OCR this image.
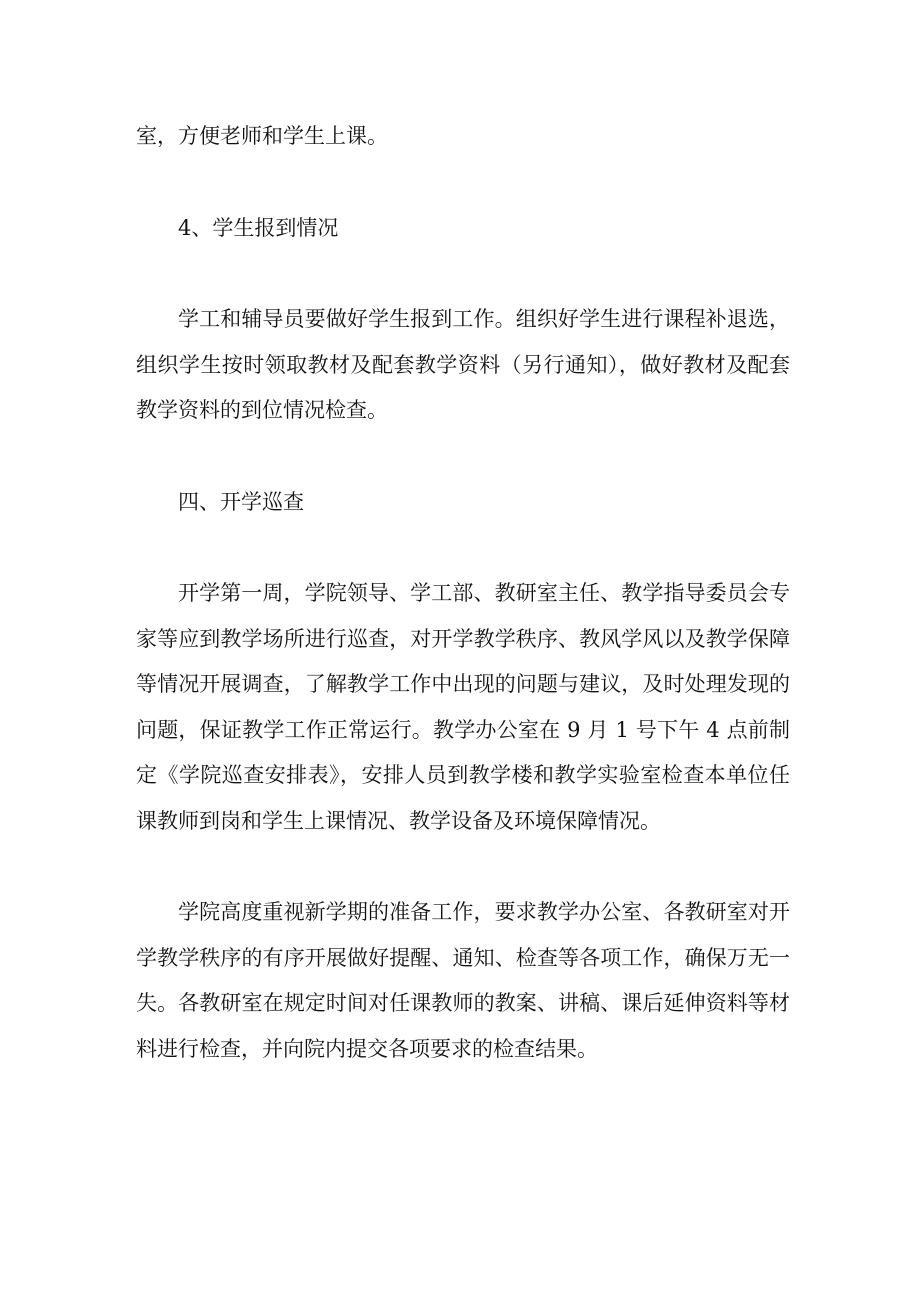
室，方便老师和学生上课。

4、学生报到情况

学工和辅导员要做好学生报到工作。组织好学生进行课程补退选，组织学生按时领取教材及配套教学资料（另行通知），做好教材及配套教学资料的到位情况检查。

四、开学巡查

开学第一周，学院领导、学工部、教研室主任、教学指导委员会专家等应到教学场所进行巡查，对开学教学秩序、教风学风以及教学保障等情况开展调查，了解教学工作中出现的问题与建议，及时处理发现的问题，保证教学工作正常运行。教学办公室在 9 月 1 号下午 4 点前制定《学院巡查安排表》，安排人员到教学楼和教学实验室检查本单位任课教师到岗和学生上课情况、教学设备及环境保障情况。

学院高度重视新学期的准备工作，要求教学办公室、各教研室对开学教学秩序的有序开展做好提醒、通知、检查等各项工作，确保万无一失。各教研室在规定时间对任课教师的教案、讲稿、课后延伸资料等材料进行检查，并向院内提交各项要求的检查结果。
